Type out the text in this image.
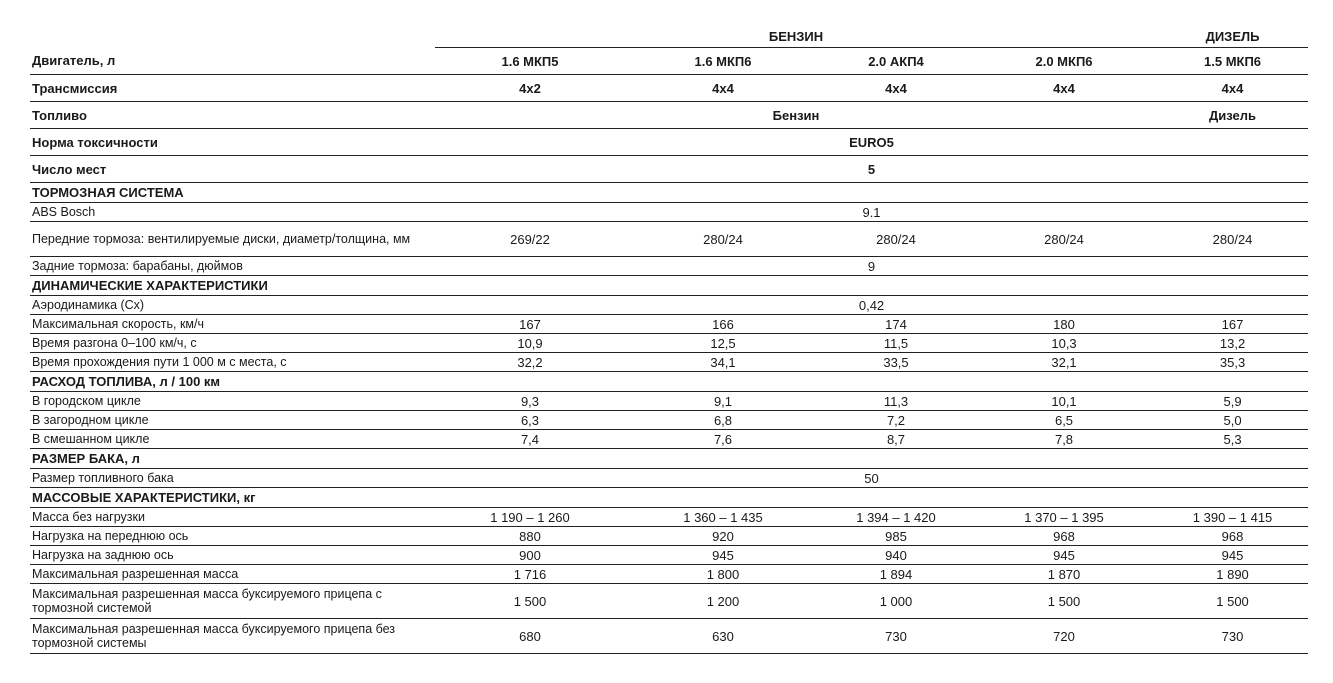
	БЕНЗИН				ДИЗЕЛЬ
Двигатель, л	1.6 МКП5	1.6 МКП6	2.0 АКП4	2.0 МКП6	1.5 МКП6
Трансмиссия	4x2	4x4	4x4	4x4	4x4
Топливо	Бензин				Дизель
Норма токсичности	EURO5				
Число мест	5				
ТОРМОЗНАЯ СИСТЕМА					
ABS Bosch	9.1				
Передние тормоза: вентилируемые диски, диаметр/толщина, мм	269/22	280/24	280/24	280/24	280/24
Задние тормоза: барабаны, дюймов	9				
ДИНАМИЧЕСКИЕ ХАРАКТЕРИСТИКИ					
Аэродинамика (Сх)	0,42				
Максимальная скорость, км/ч	167	166	174	180	167
Время разгона 0–100 км/ч, с	10,9	12,5	11,5	10,3	13,2
Время прохождения пути 1 000 м с места, с	32,2	34,1	33,5	32,1	35,3
РАСХОД ТОПЛИВА, л / 100 км					
В городском цикле	9,3	9,1	11,3	10,1	5,9
В загородном цикле	6,3	6,8	7,2	6,5	5,0
В смешанном цикле	7,4	7,6	8,7	7,8	5,3
РАЗМЕР БАКА, л					
Размер топливного бака	50				
МАССОВЫЕ ХАРАКТЕРИСТИКИ, кг					
Масса без нагрузки	1 190 – 1 260	1 360 – 1 435	1 394 – 1 420	1 370 – 1 395	1 390 – 1 415
Нагрузка на переднюю ось	880	920	985	968	968
Нагрузка на заднюю ось	900	945	940	945	945
Максимальная разрешенная масса	1 716	1 800	1 894	1 870	1 890
Максимальная разрешенная масса буксируемого прицепа с тормозной системой	1 500	1 200	1 000	1 500	1 500
Максимальная разрешенная масса буксируемого прицепа без тормозной системы	680	630	730	720	730
